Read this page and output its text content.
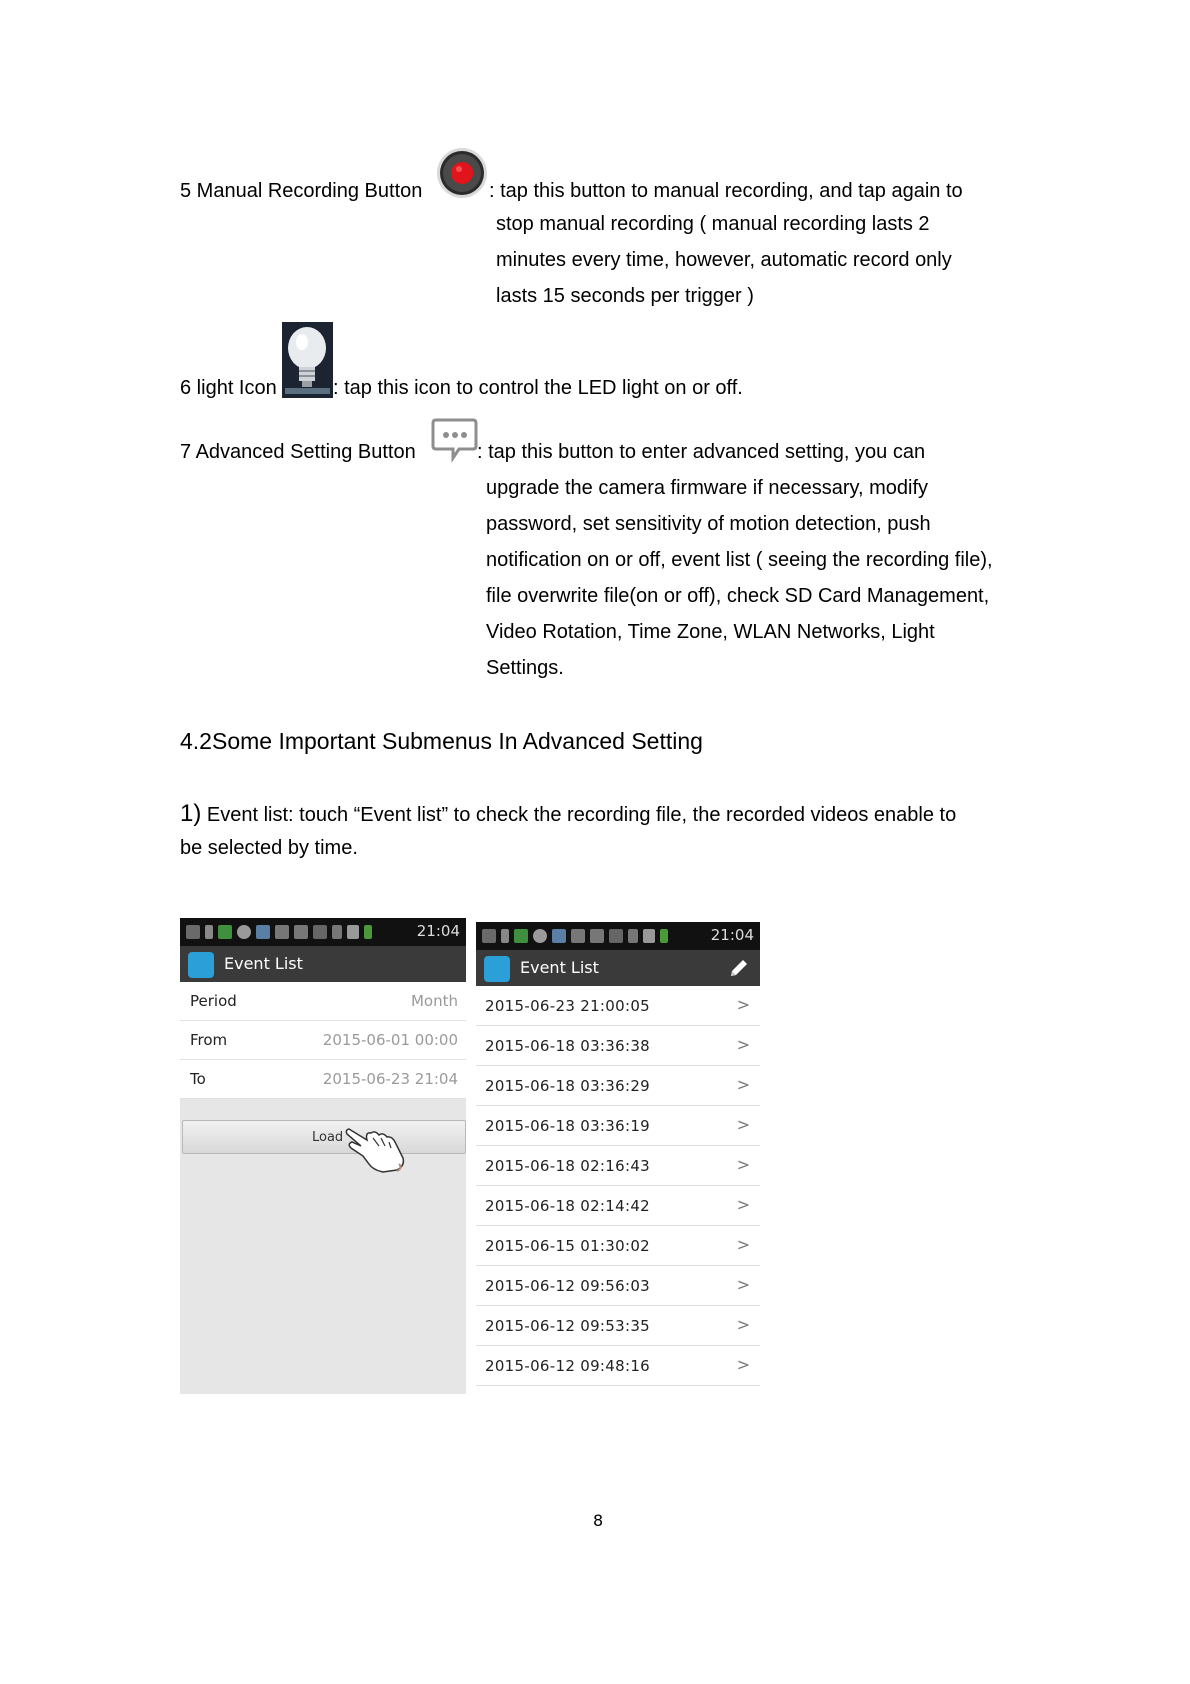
5 Manual Recording Button	: tap this button to manual recording, and tap again to
stop manual recording ( manual recording lasts 2
minutes every time, however, automatic record only
lasts 15 seconds per trigger )
6 light Icon	: tap this icon to control the LED light on or off.
7 Advanced Setting Button	: tap this button to enter advanced setting, you can
upgrade the camera firmware if necessary, modify
password, set sensitivity of motion detection, push
notification on or off, event list ( seeing the recording file),
file overwrite file(on or off), check SD Card Management,
Video Rotation, Time Zone, WLAN Networks, Light
Settings.
4.2Some Important Submenus In Advanced Setting
1) Event list: touch “Event list” to check the recording file, the recorded videos enable to
be selected by time.
21:04
Event List
Period	Month
From	2015-06-01 00:00
To	2015-06-23 21:04
Load
21:04
Event List
2015-06-23 21:00:05	>
2015-06-18 03:36:38	>
2015-06-18 03:36:29	>
2015-06-18 03:36:19	>
2015-06-18 02:16:43	>
2015-06-18 02:14:42	>
2015-06-15 01:30:02	>
2015-06-12 09:56:03	>
2015-06-12 09:53:35	>
2015-06-12 09:48:16	>
8
